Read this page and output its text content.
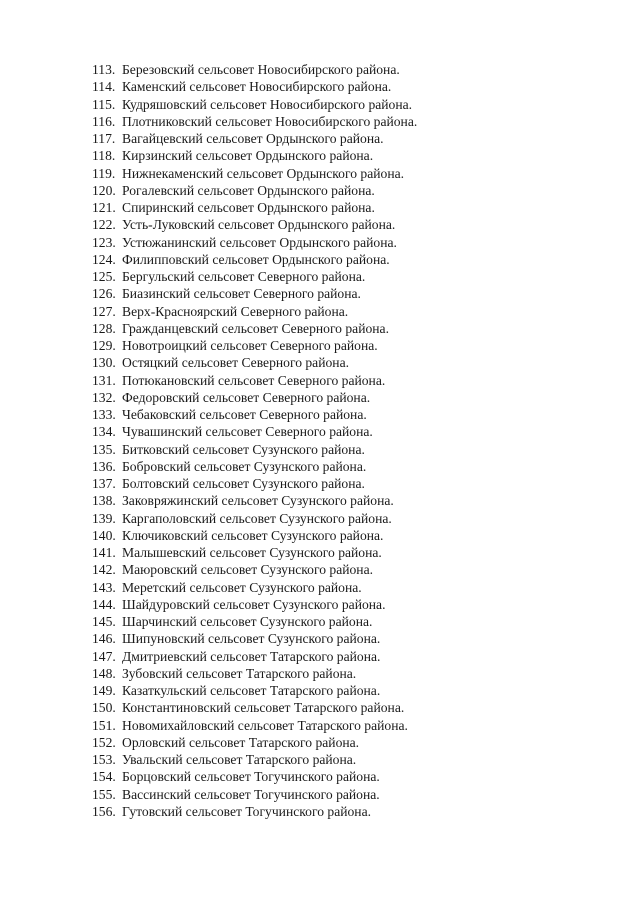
113. Березовский сельсовет Новосибирского района.
114. Каменский сельсовет Новосибирского района.
115. Кудряшовский сельсовет Новосибирского района.
116. Плотниковский сельсовет Новосибирского района.
117. Вагайцевский сельсовет Ордынского района.
118. Кирзинский сельсовет Ордынского района.
119. Нижнекаменский сельсовет Ордынского района.
120. Рогалевский сельсовет Ордынского района.
121. Спиринский сельсовет Ордынского района.
122. Усть-Луковский сельсовет Ордынского района.
123. Устюжанинский сельсовет Ордынского района.
124. Филипповский сельсовет Ордынского района.
125. Бергульский сельсовет Северного района.
126. Биазинский сельсовет Северного района.
127. Верх-Красноярский Северного района.
128. Гражданцевский сельсовет Северного района.
129. Новотроицкий сельсовет Северного района.
130. Остяцкий сельсовет Северного района.
131. Потюкановский сельсовет Северного района.
132. Федоровский сельсовет Северного района.
133. Чебаковский сельсовет Северного района.
134. Чувашинский сельсовет Северного района.
135. Битковский сельсовет Сузунского района.
136. Бобровский сельсовет Сузунского района.
137. Болтовский сельсовет Сузунского района.
138. Заковряжинский сельсовет Сузунского района.
139. Каргаполовский сельсовет Сузунского района.
140. Ключиковский сельсовет Сузунского района.
141. Малышевский сельсовет Сузунского района.
142. Маюровский сельсовет Сузунского района.
143. Меретский сельсовет Сузунского района.
144. Шайдуровский сельсовет Сузунского района.
145. Шарчинский сельсовет Сузунского района.
146. Шипуновский сельсовет Сузунского района.
147. Дмитриевский сельсовет Татарского района.
148. Зубовский сельсовет Татарского района.
149. Казаткульский сельсовет Татарского района.
150. Константиновский сельсовет Татарского района.
151. Новомихайловский сельсовет Татарского района.
152. Орловский сельсовет Татарского района.
153. Увальский сельсовет Татарского района.
154. Борцовский сельсовет Тогучинского района.
155. Вассинский сельсовет Тогучинского района.
156. Гутовский сельсовет Тогучинского района.
